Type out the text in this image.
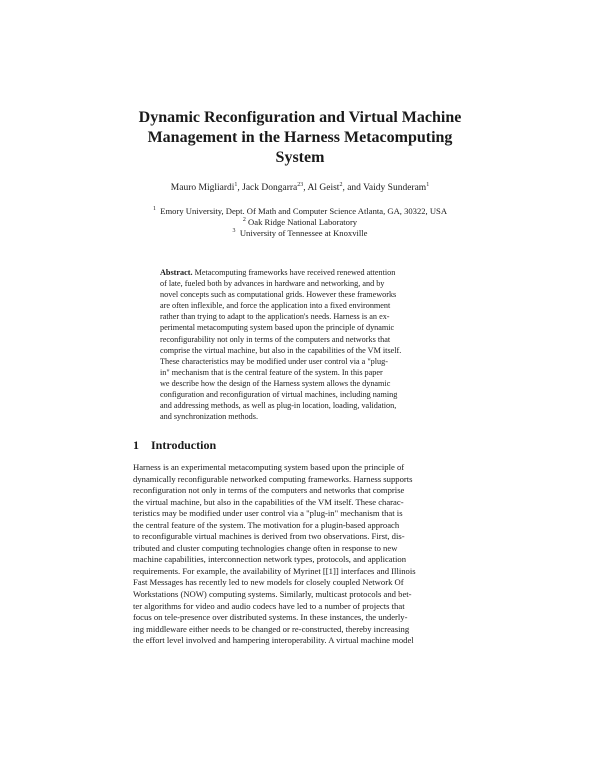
Dynamic Reconfiguration and Virtual Machine
Management in the Harness Metacomputing
System
Mauro Migliardi$^1$, Jack Dongarra$^{23}$, Al Geist$^2$, and Vaidy Sunderam$^1$
$^1$ Emory University, Dept. Of Math and Computer Science Atlanta, GA, 30322, USA
$^2$ Oak Ridge National Laboratory
$^3$ University of Tennessee at Knoxville
Abstract. Metacomputing frameworks have received renewed attention
of late, fueled both by advances in hardware and networking, and by
novel concepts such as computational grids. However these frameworks
are often inflexible, and force the application into a fixed environment
rather than trying to adapt to the application's needs. Harness is an ex-
perimental metacomputing system based upon the principle of dynamic
reconfigurability not only in terms of the computers and networks that
comprise the virtual machine, but also in the capabilities of the VM itself.
These characteristics may be modified under user control via a "plug-
in" mechanism that is the central feature of the system. In this paper
we describe how the design of the Harness system allows the dynamic
configuration and reconfiguration of virtual machines, including naming
and addressing methods, as well as plug-in location, loading, validation,
and synchronization methods.
1 Introduction
Harness is an experimental metacomputing system based upon the principle of
dynamically reconfigurable networked computing frameworks. Harness supports
reconfiguration not only in terms of the computers and networks that comprise
the virtual machine, but also in the capabilities of the VM itself. These charac-
teristics may be modified under user control via a "plug-in" mechanism that is
the central feature of the system. The motivation for a plugin-based approach
to reconfigurable virtual machines is derived from two observations. First, dis-
tributed and cluster computing technologies change often in response to new
machine capabilities, interconnection network types, protocols, and application
requirements. For example, the availability of Myrinet [[1]] interfaces and Illinois
Fast Messages has recently led to new models for closely coupled Network Of
Workstations (NOW) computing systems. Similarly, multicast protocols and bet-
ter algorithms for video and audio codecs have led to a number of projects that
focus on tele-presence over distributed systems. In these instances, the underly-
ing middleware either needs to be changed or re-constructed, thereby increasing
the effort level involved and hampering interoperability. A virtual machine model
